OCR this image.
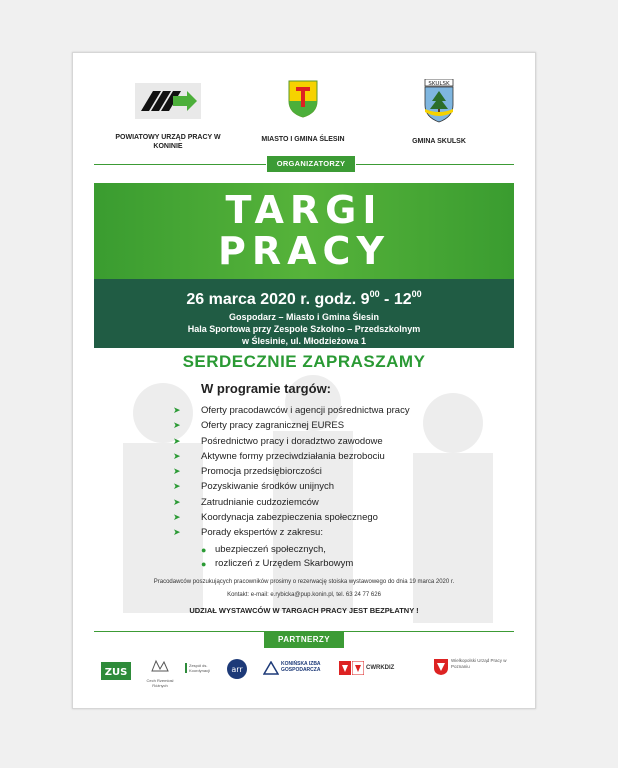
POWIATOWY URZĄD PRACY W KONINIE
MIASTO I GMINA ŚLESIN
SKULSK
GMINA SKULSK
ORGANIZATORZY
TARGI
PRACY
26 marca 2020 r. godz. $9^{00} - 12^{00}$
Gospodarz – Miasto i Gmina Ślesin
Hala Sportowa przy Zespole Szkolno – Przedszkolnym
w Ślesinie, ul. Młodzieżowa 1
SERDECZNIE ZAPRASZAMY
W programie targów:
➤ Oferty pracodawców i agencji pośrednictwa pracy
➤ Oferty pracy zagranicznej EURES
➤ Pośrednictwo pracy i doradztwo zawodowe
➤ Aktywne formy przeciwdziałania bezrobociu
➤ Promocja przedsiębiorczości
➤ Pozyskiwanie środków unijnych
➤ Zatrudnianie cudzoziemców
➤ Koordynacja zabezpieczenia społecznego
➤ Porady ekspertów z zakresu:
● ubezpieczeń społecznych,
● rozliczeń z Urzędem Skarbowym
Pracodawców poszukujących pracowników prosimy o rezerwację stoiska wystawowego do dnia 19 marca 2020 r.
Kontakt: e-mail: e.rybicka@pup.konin.pl, tel. 63 24 77 626
UDZIAŁ WYSTAWCÓW W TARGACH PRACY JEST BEZPŁATNY !
PARTNERZY
ZUS
Cech Rzemiosł Różnych
Zespół ds. Koordynacji	arr
KONIŃSKA IZBA GOSPODARCZA	CWRKDIZ
Wielkopolski Urząd Pracy w Poznaniu
